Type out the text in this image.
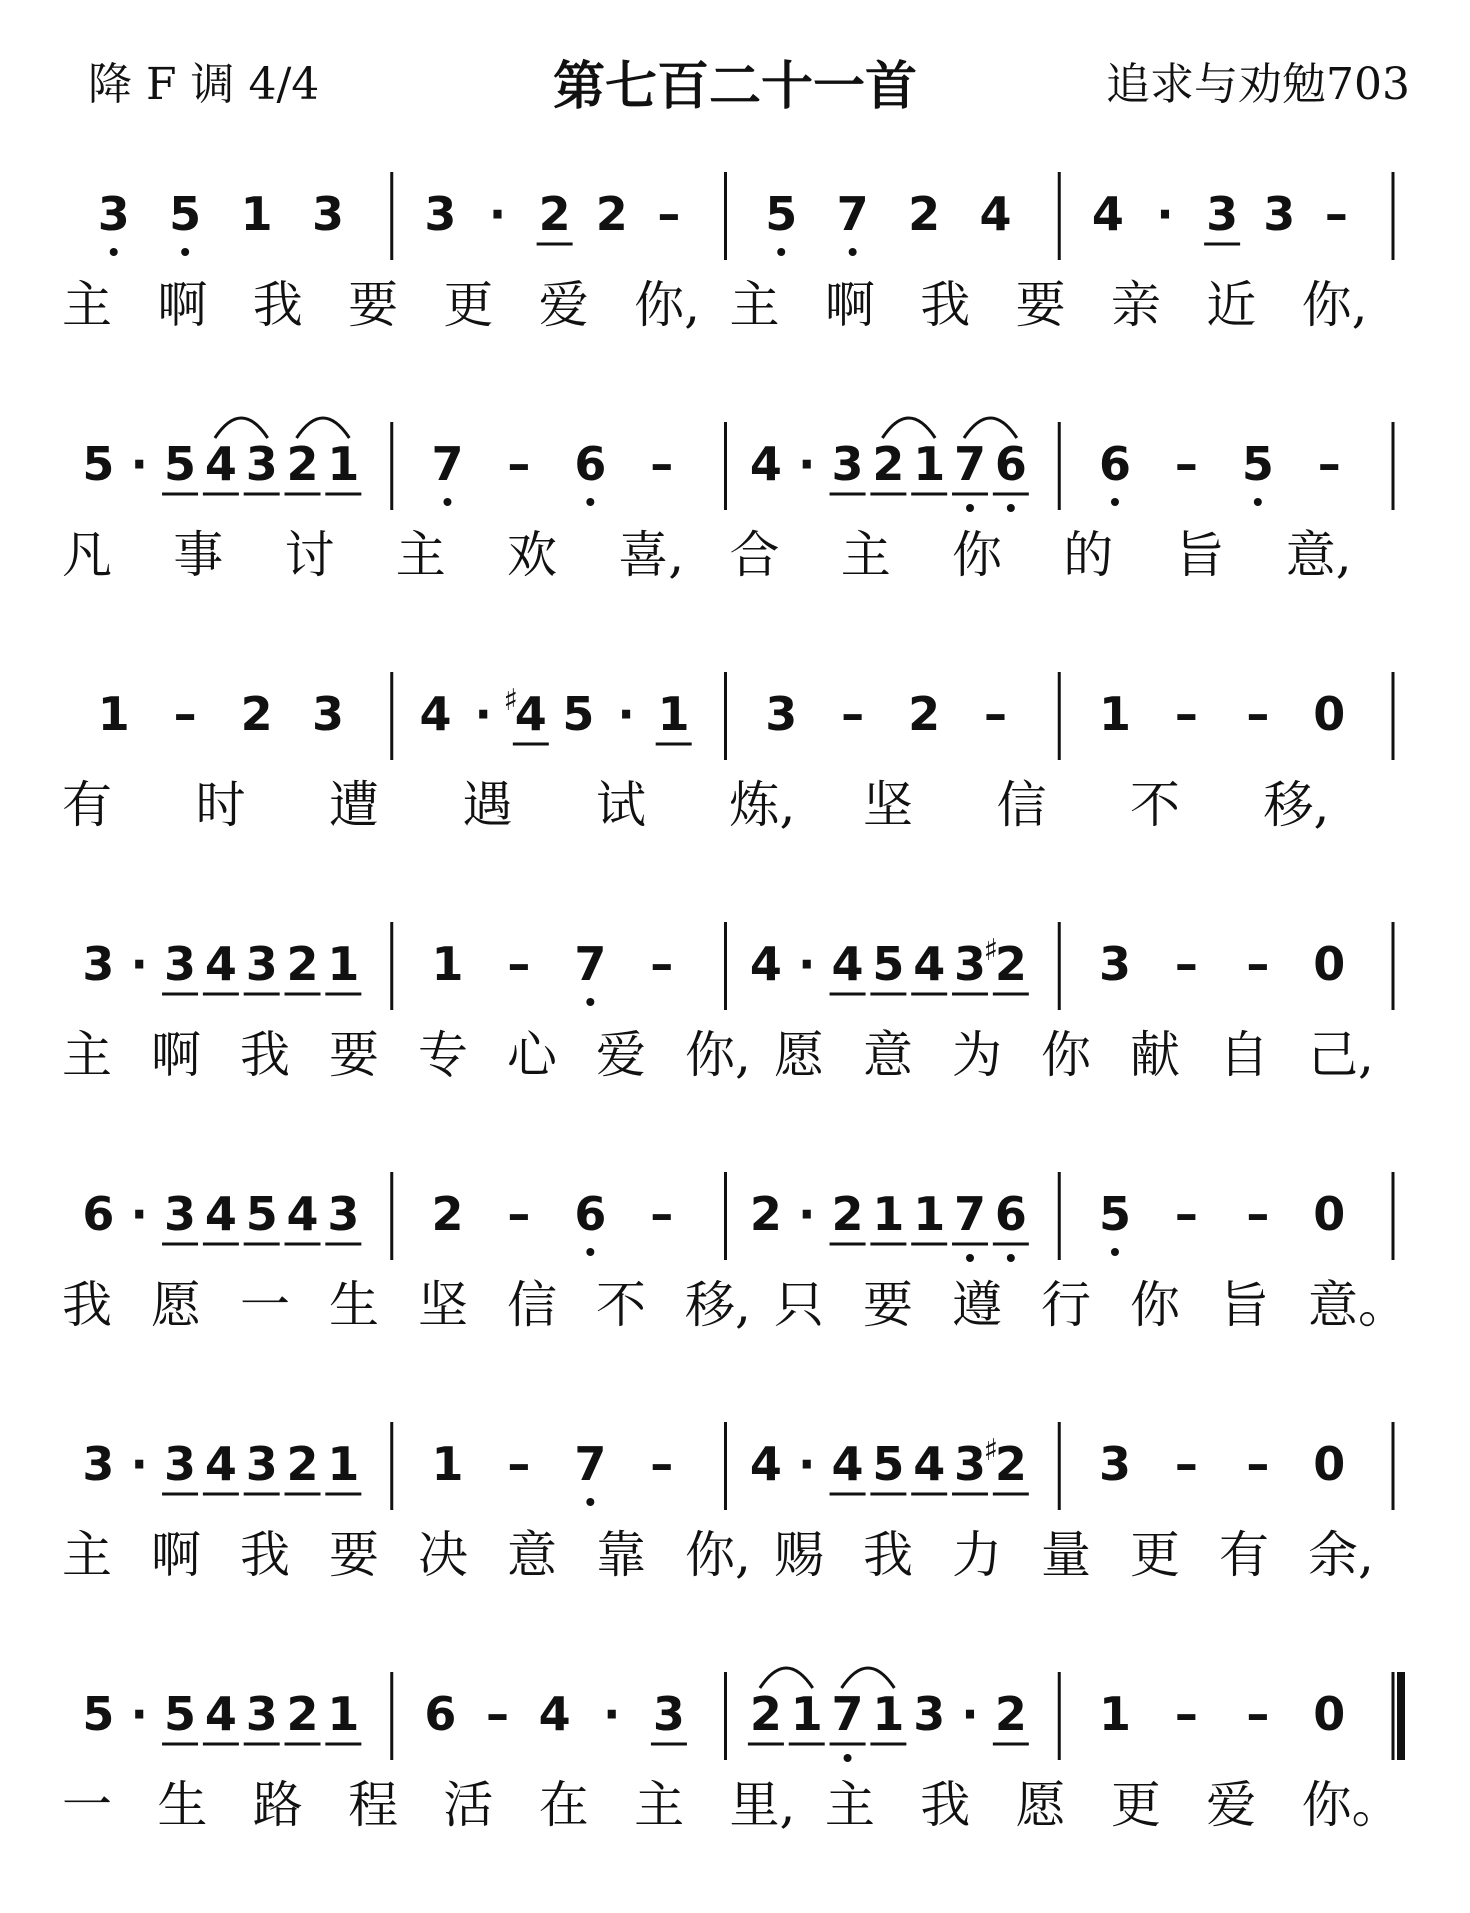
降 F 调 4/4	第七百二十一首	追求与劝勉703
3 5 1 3 3 · 2 2 – 5 7 2 4 4 · 3 3 –
主 啊 我 要 更 爱 你, 主 啊 我 要 亲 近 你,
5 · 5 4 3 2 1 7 – 6 – 4 · 3 2 1 7 6 6 – 5 –
凡 事 讨 主 欢 喜, 合 主 你 的 旨 意,
1 – 2 3 4 · 4
♯ 5 · 1 3 – 2 – 1 – – 0
有 时 遭 遇 试 炼, 坚 信 不 移,
3 · 3 4 3 2 1 1 – 7 – 4 · 4 5 4 3 2
♯ 3 – – 0
主 啊 我 要 专 心 爱 你, 愿 意 为 你 献 自 己,
6 · 3 4 5 4 3 2 – 6 – 2 · 2 1 1 7 6 5 – – 0
我 愿 一 生 坚 信 不 移, 只 要 遵 行 你 旨 意。
3 · 3 4 3 2 1 1 – 7 – 4 · 4 5 4 3 2
♯ 3 – – 0
主 啊 我 要 决 意 靠 你, 赐 我 力 量 更 有 余,
5 · 5 4 3 2 1 6 – 4 · 3 2 1 7 1 3 · 2 1 – – 0
一 生 路 程 活 在 主 里, 主 我 愿 更 爱 你。
